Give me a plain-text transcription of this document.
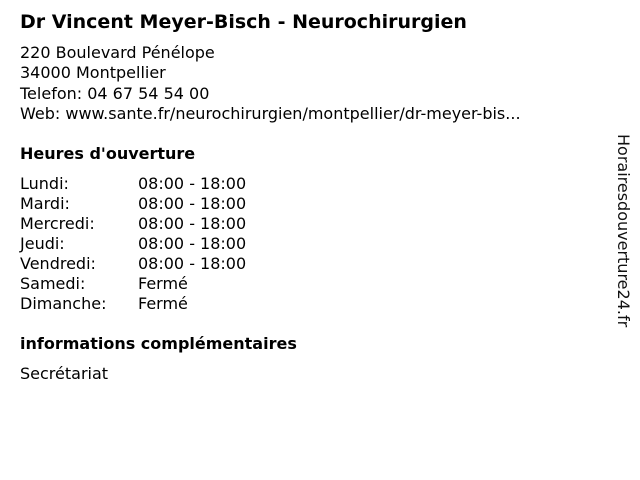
Dr Vincent Meyer-Bisch - Neurochirurgien
220 Boulevard Pénélope
34000 Montpellier
Telefon: 04 67 54 54 00
Web: www.sante.fr/neurochirurgien/montpellier/dr-meyer-bis...
Heures d'ouverture
Lundi:	08:00 - 18:00
Mardi:	08:00 - 18:00
Mercredi:	08:00 - 18:00
Jeudi:	08:00 - 18:00
Vendredi:	08:00 - 18:00
Samedi:	Fermé
Dimanche: Fermé
informations complémentaires
Secrétariat
Horairesdouverture24.fr
